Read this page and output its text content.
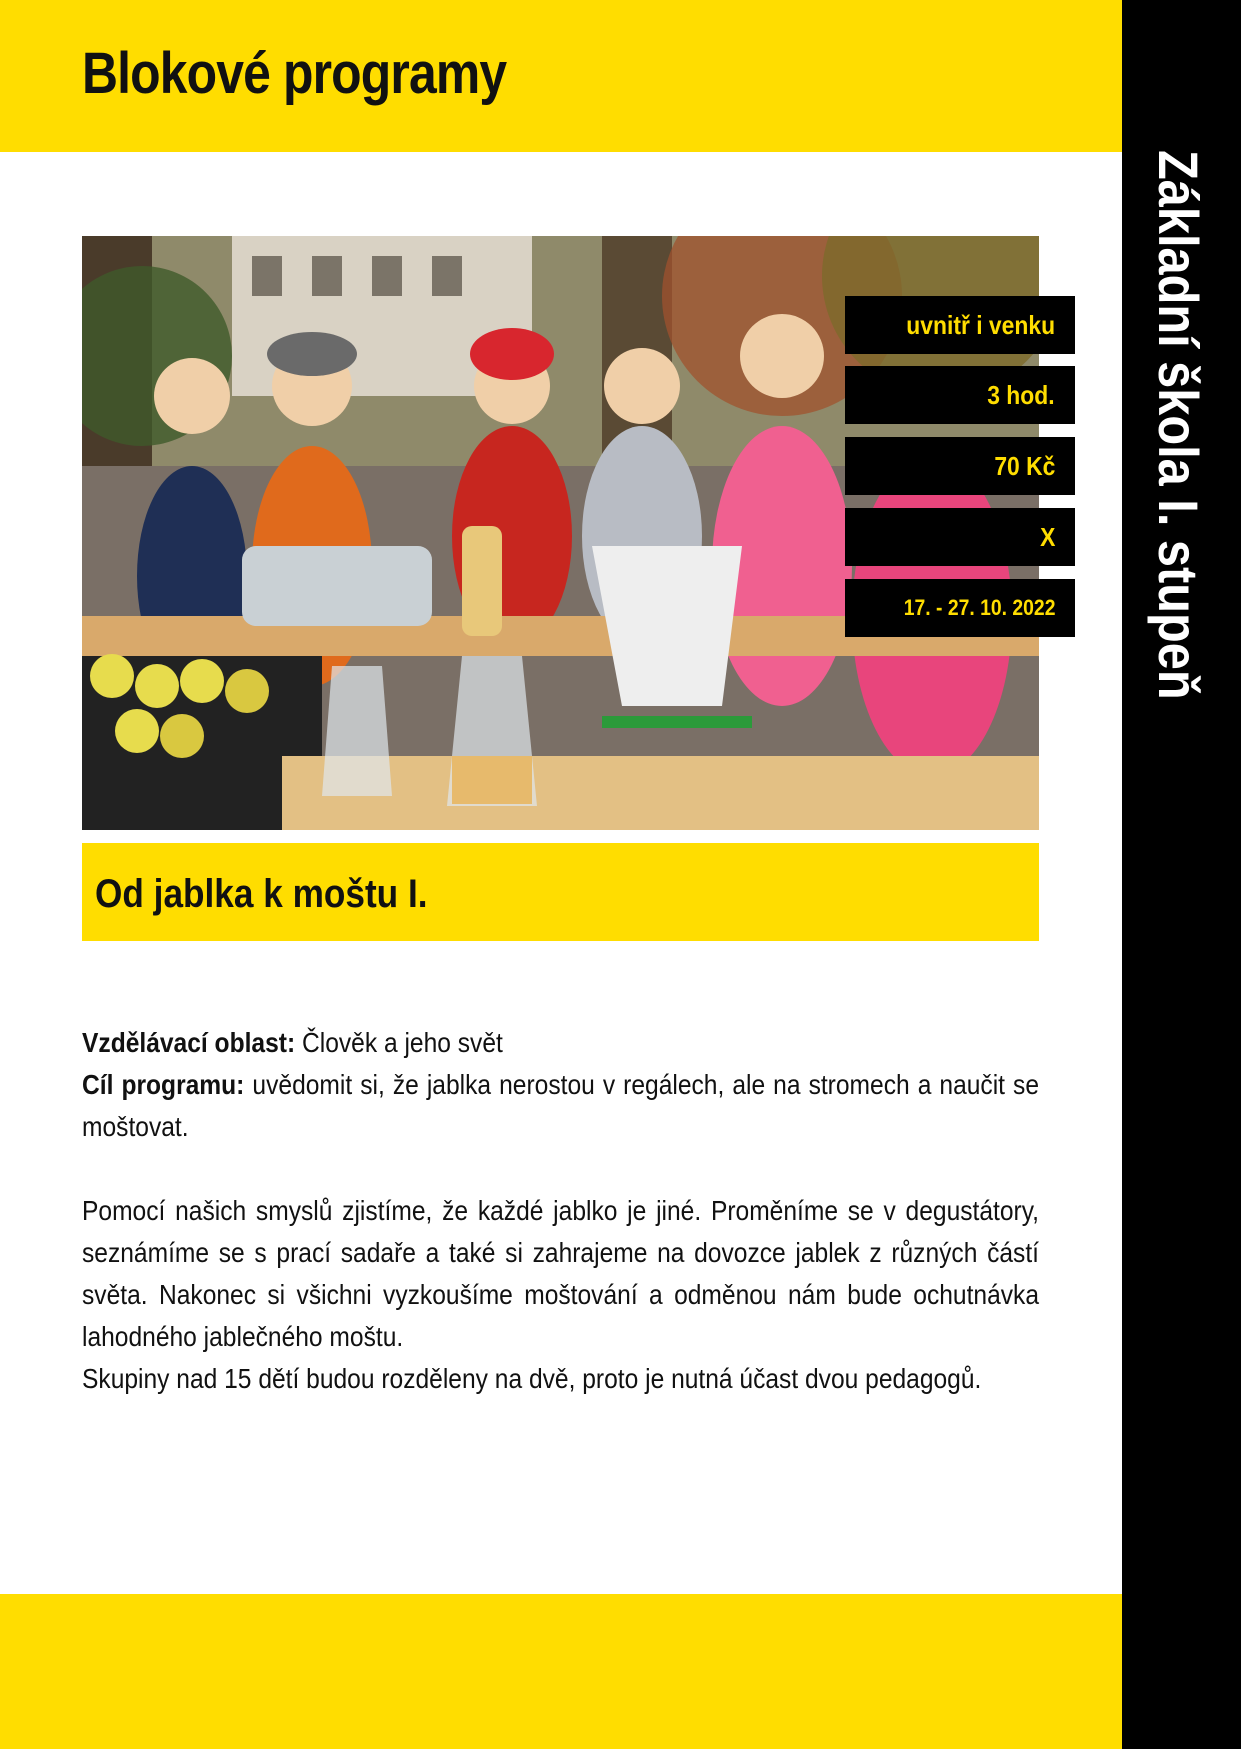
Blokové programy
Základní škola I. stupeň
uvnitř i venku
3 hod.
70 Kč
X
17. - 27. 10. 2022
Od jablka k moštu I.

Vzdělávací oblast: Člověk a jeho svět

Cíl programu: uvědomit si, že jablka nerostou v regálech, ale na stromech a naučit se moštovat.

Pomocí našich smyslů zjistíme, že každé jablko je jiné. Proměníme se v degustátory, seznámíme se s prací sadaře a také si zahrajeme na dovozce jablek z různých částí světa. Nakonec si všichni vyzkoušíme moštování a odměnou nám bude ochutnávka lahodného jablečného moštu.

Skupiny nad 15 dětí budou rozděleny na dvě, proto je nutná účast dvou pedagogů.
